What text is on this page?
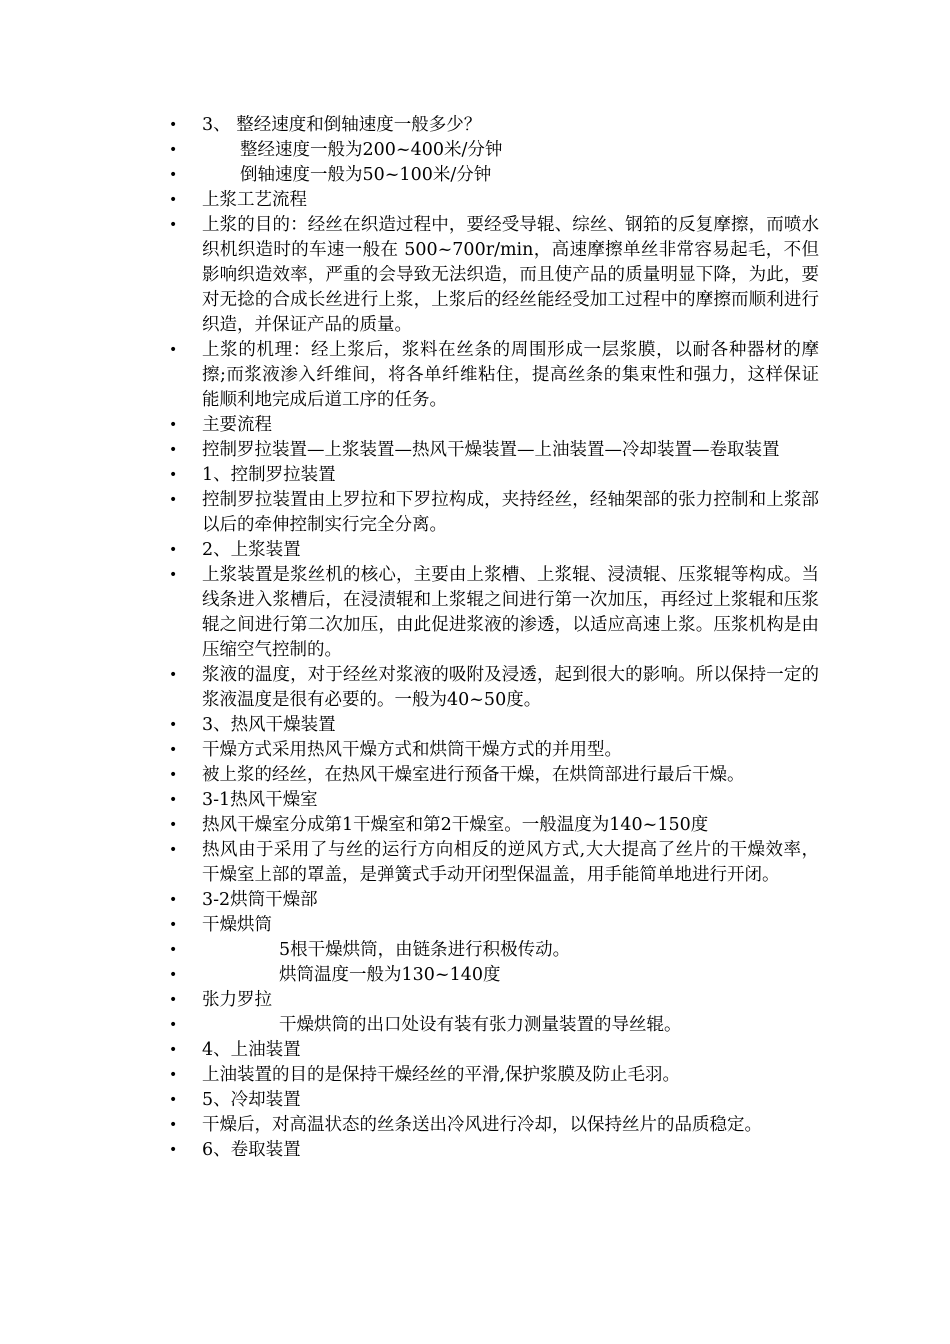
•	3、 整经速度和倒轴速度一般多少？
•	整经速度一般为200~400米/分钟
•	倒轴速度一般为50~100米/分钟
•	上浆工艺流程
•	上浆的目的：经丝在织造过程中，要经受导辊、综丝、钢筘的反复摩擦，而喷水织机织造时的车速一般在 500~700r/min，高速摩擦单丝非常容易起毛，不但影响织造效率，严重的会导致无法织造，而且使产品的质量明显下降，为此，要对无捻的合成长丝进行上浆，上浆后的经丝能经受加工过程中的摩擦而顺利进行织造，并保证产品的质量。
•	上浆的机理：经上浆后，浆料在丝条的周围形成一层浆膜，以耐各种器材的摩擦;而浆液渗入纤维间，将各单纤维粘住，提高丝条的集束性和强力，这样保证能顺利地完成后道工序的任务。
•	主要流程
•	控制罗拉装置—上浆装置—热风干燥装置—上油装置—冷却装置—卷取装置
•	1、控制罗拉装置
•	控制罗拉装置由上罗拉和下罗拉构成，夹持经丝，经轴架部的张力控制和上浆部以后的牵伸控制实行完全分离。
•	2、上浆装置
•	上浆装置是浆丝机的核心，主要由上浆槽、上浆辊、浸渍辊、压浆辊等构成。当线条进入浆槽后，在浸渍辊和上浆辊之间进行第一次加压，再经过上浆辊和压浆辊之间进行第二次加压，由此促进浆液的渗透，以适应高速上浆。压浆机构是由压缩空气控制的。
•	浆液的温度，对于经丝对浆液的吸附及浸透，起到很大的影响。所以保持一定的浆液温度是很有必要的。一般为40~50度。
•	3、热风干燥装置
•	干燥方式采用热风干燥方式和烘筒干燥方式的并用型。
•	被上浆的经丝，在热风干燥室进行预备干燥，在烘筒部进行最后干燥。
•	3-1热风干燥室
•	热风干燥室分成第1干燥室和第2干燥室。一般温度为140~150度
•	热风由于采用了与丝的运行方向相反的逆风方式,大大提高了丝片的干燥效率，干燥室上部的罩盖，是弹簧式手动开闭型保温盖，用手能简单地进行开闭。
•	3-2烘筒干燥部
•	干燥烘筒
•	5根干燥烘筒，由链条进行积极传动。
•	烘筒温度一般为130~140度
•	张力罗拉
•	干燥烘筒的出口处设有装有张力测量装置的导丝辊。
•	4、上油装置
•	上油装置的目的是保持干燥经丝的平滑,保护浆膜及防止毛羽。
•	5、冷却装置
•	干燥后，对高温状态的丝条送出冷风进行冷却，以保持丝片的品质稳定。
•	6、卷取装置
